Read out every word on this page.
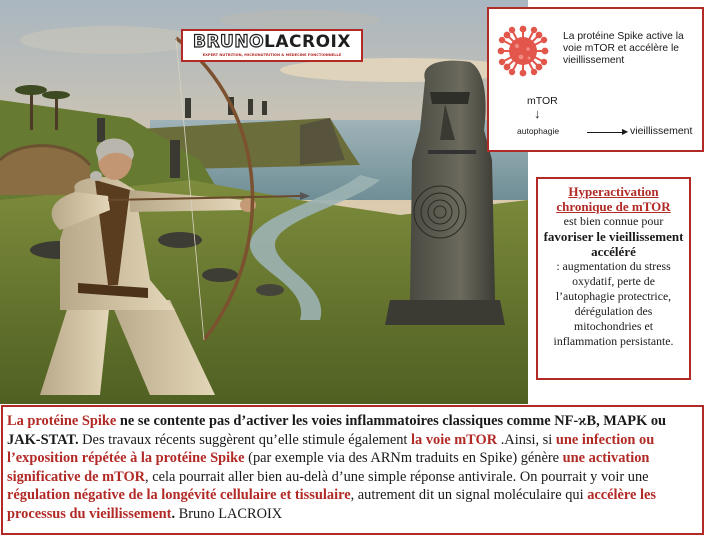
BRUNOLACROIX
EXPERT NUTRITION, MICRONUTRITION & MÉDECINE FONCTIONNELLE
La protéine Spike active la voie mTOR et accélère le vieillissement
mTOR
↓
autophagie	▶ vieillissement
Hyperactivation chronique de mTOR
est bien connue pour
favoriser le vieillissement accéléré
: augmentation du stress oxydatif, perte de l’autophagie protectrice, dérégulation des mitochondries et inflammation persistante.
La protéine Spike ne se contente pas d’activer les voies inflammatoires classiques comme NF-ϰB, MAPK ou JAK-STAT. Des travaux récents suggèrent qu’elle stimule également la voie mTOR .Ainsi, si une infection ou l’exposition répétée à la protéine Spike (par exemple via des ARNm traduits en Spike) génère une activation significative de mTOR, cela pourrait aller bien au-delà d’une simple réponse antivirale. On pourrait y voir une régulation négative de la longévité cellulaire et tissulaire, autrement dit un signal moléculaire qui accélère les processus du vieillissement. Bruno LACROIX
